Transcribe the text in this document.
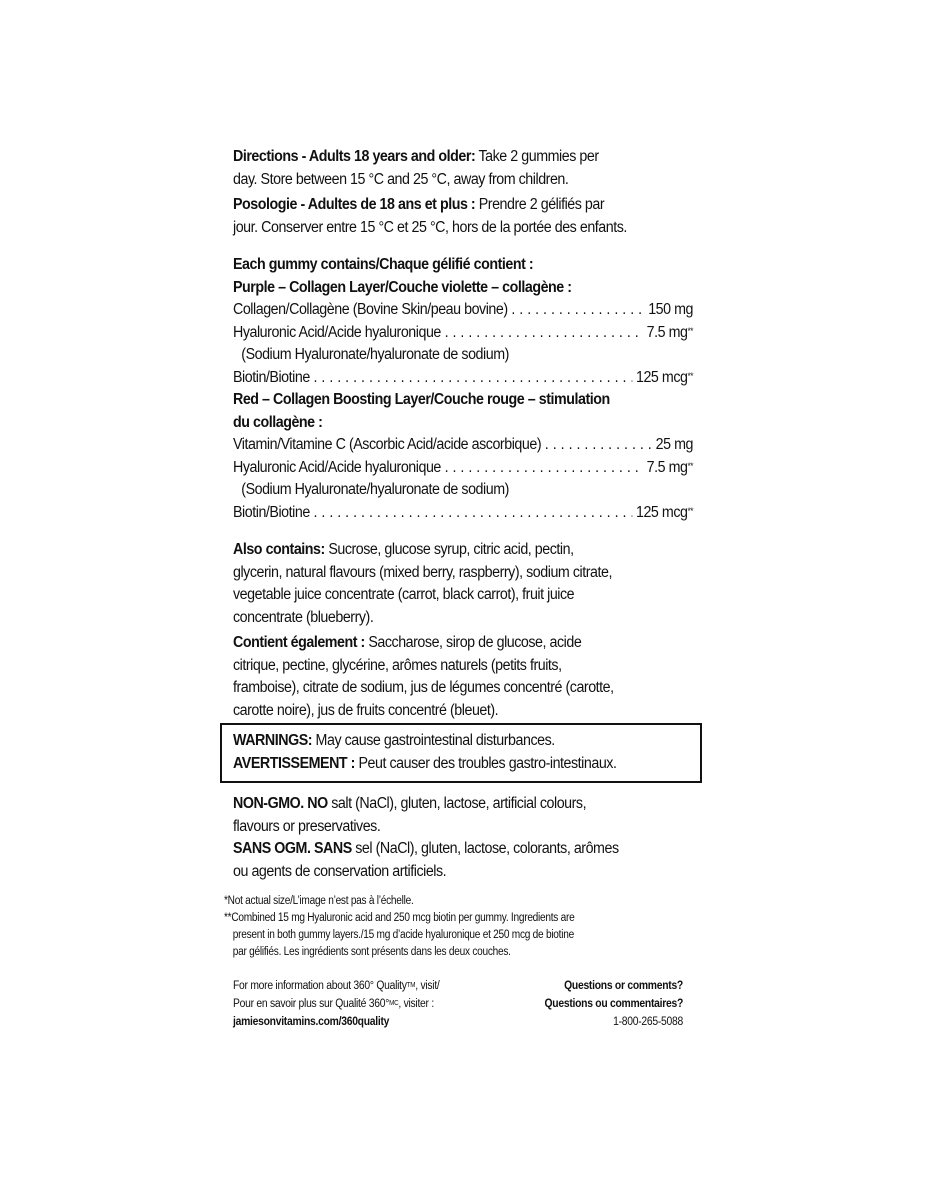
Directions - Adults 18 years and older: Take 2 gummies per
day. Store between 15 °C and 25 °C, away from children.

Posologie - Adultes de 18 ans et plus : Prendre 2 gélifiés par
jour. Conserver entre 15 °C et 25 °C, hors de la portée des enfants.

Each gummy contains/Chaque gélifié contient :

Purple – Collagen Layer/Couche violette – collagène :

Collagen/Collagène (Bovine Skin/peau bovine) . . .	150 mg
Hyaluronic Acid/Acide hyaluronique . . .	7.5 mg**

(Sodium Hyaluronate/hyaluronate de sodium)

Biotin/Biotine . . .	125 mcg**

Red – Collagen Boosting Layer/Couche rouge – stimulation
du collagène :

Vitamin/Vitamine C (Ascorbic Acid/acide ascorbique) . . .	25 mg
Hyaluronic Acid/Acide hyaluronique . . .	7.5 mg**

(Sodium Hyaluronate/hyaluronate de sodium)

Biotin/Biotine . . .	125 mcg**

Also contains: Sucrose, glucose syrup, citric acid, pectin,
glycerin, natural flavours (mixed berry, raspberry), sodium citrate,
vegetable juice concentrate (carrot, black carrot), fruit juice
concentrate (blueberry).

Contient également : Saccharose, sirop de glucose, acide
citrique, pectine, glycérine, arômes naturels (petits fruits,
framboise), citrate de sodium, jus de légumes concentré (carotte,
carotte noire), jus de fruits concentré (bleuet).

WARNINGS: May cause gastrointestinal disturbances.

AVERTISSEMENT : Peut causer des troubles gastro-intestinaux.

NON-GMO. NO salt (NaCl), gluten, lactose, artificial colours,
flavours or preservatives.

SANS OGM. SANS sel (NaCl), gluten, lactose, colorants, arômes
ou agents de conservation artificiels.

*Not actual size/L’image n’est pas à l’échelle.

**Combined 15 mg Hyaluronic acid and 250 mcg biotin per gummy. Ingredients are
present in both gummy layers./15 mg d’acide hyaluronique et 250 mcg de biotine
par gélifiés. Les ingrédients sont présents dans les deux couches.

For more information about 360° Quality™, visit/
Pour en savoir plus sur Qualité 360°$^{MC}$, visiter :
jamiesonvitamins.com/360quality
Questions or comments?
Questions ou commentaires?
1-800-265-5088
